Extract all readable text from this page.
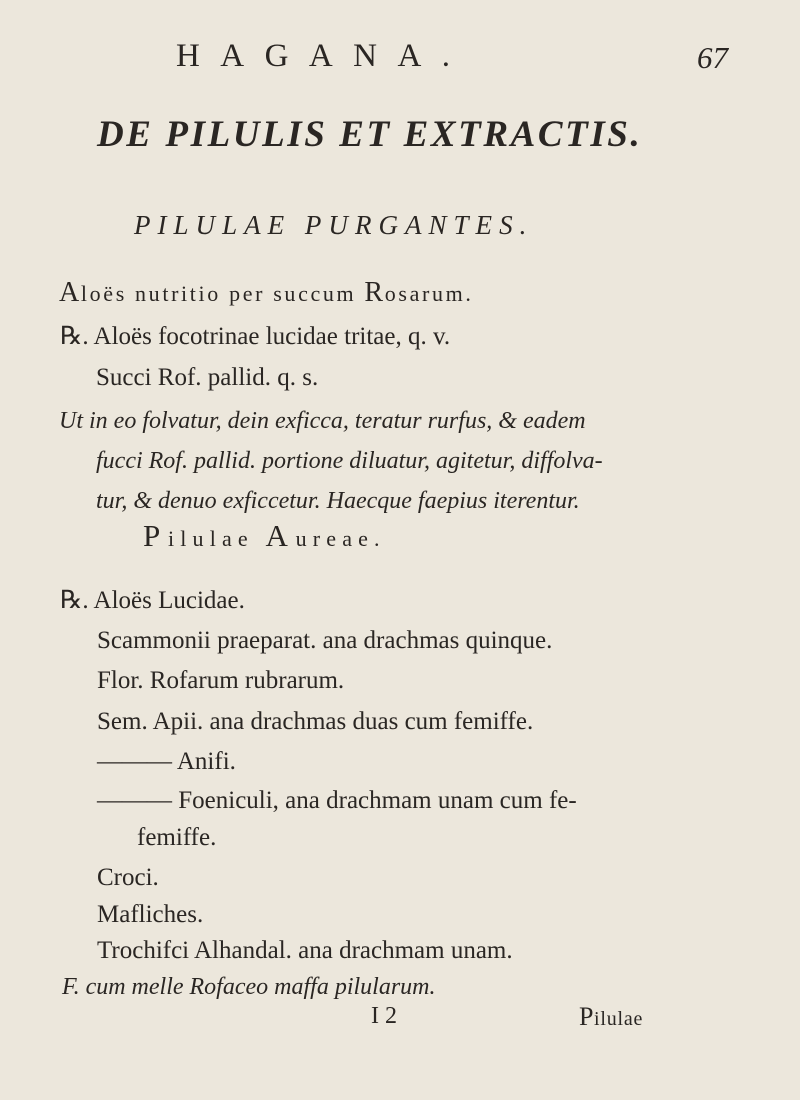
HAGANA.	67
DE PILULIS ET EXTRACTIS.
PILULAE PURGANTES.
Aloës nutritio per succum Rosarum.
℞. Aloës focotrinae lucidae tritae, q. v.
Succi Rof. pallid. q. s.
Ut in eo folvatur, dein exficca, teratur rurfus, & eadem
fucci Rof. pallid. portione diluatur, agitetur, diffolva-
tur, & denuo exficcetur. Haecque faepius iterentur.
Pilulae Aureae.
℞. Aloës Lucidae.
Scammonii praeparat. ana drachmas quinque.
Flor. Rofarum rubrarum.
Sem. Apii. ana drachmas duas cum femiffe.
——— Anifi.
——— Foeniculi, ana drachmam unam cum fe-
femiffe.
Croci.
Mafliches.
Trochifci Alhandal. ana drachmam unam.
F. cum melle Rofaceo maffa pilularum.
I 2	Pilulae
